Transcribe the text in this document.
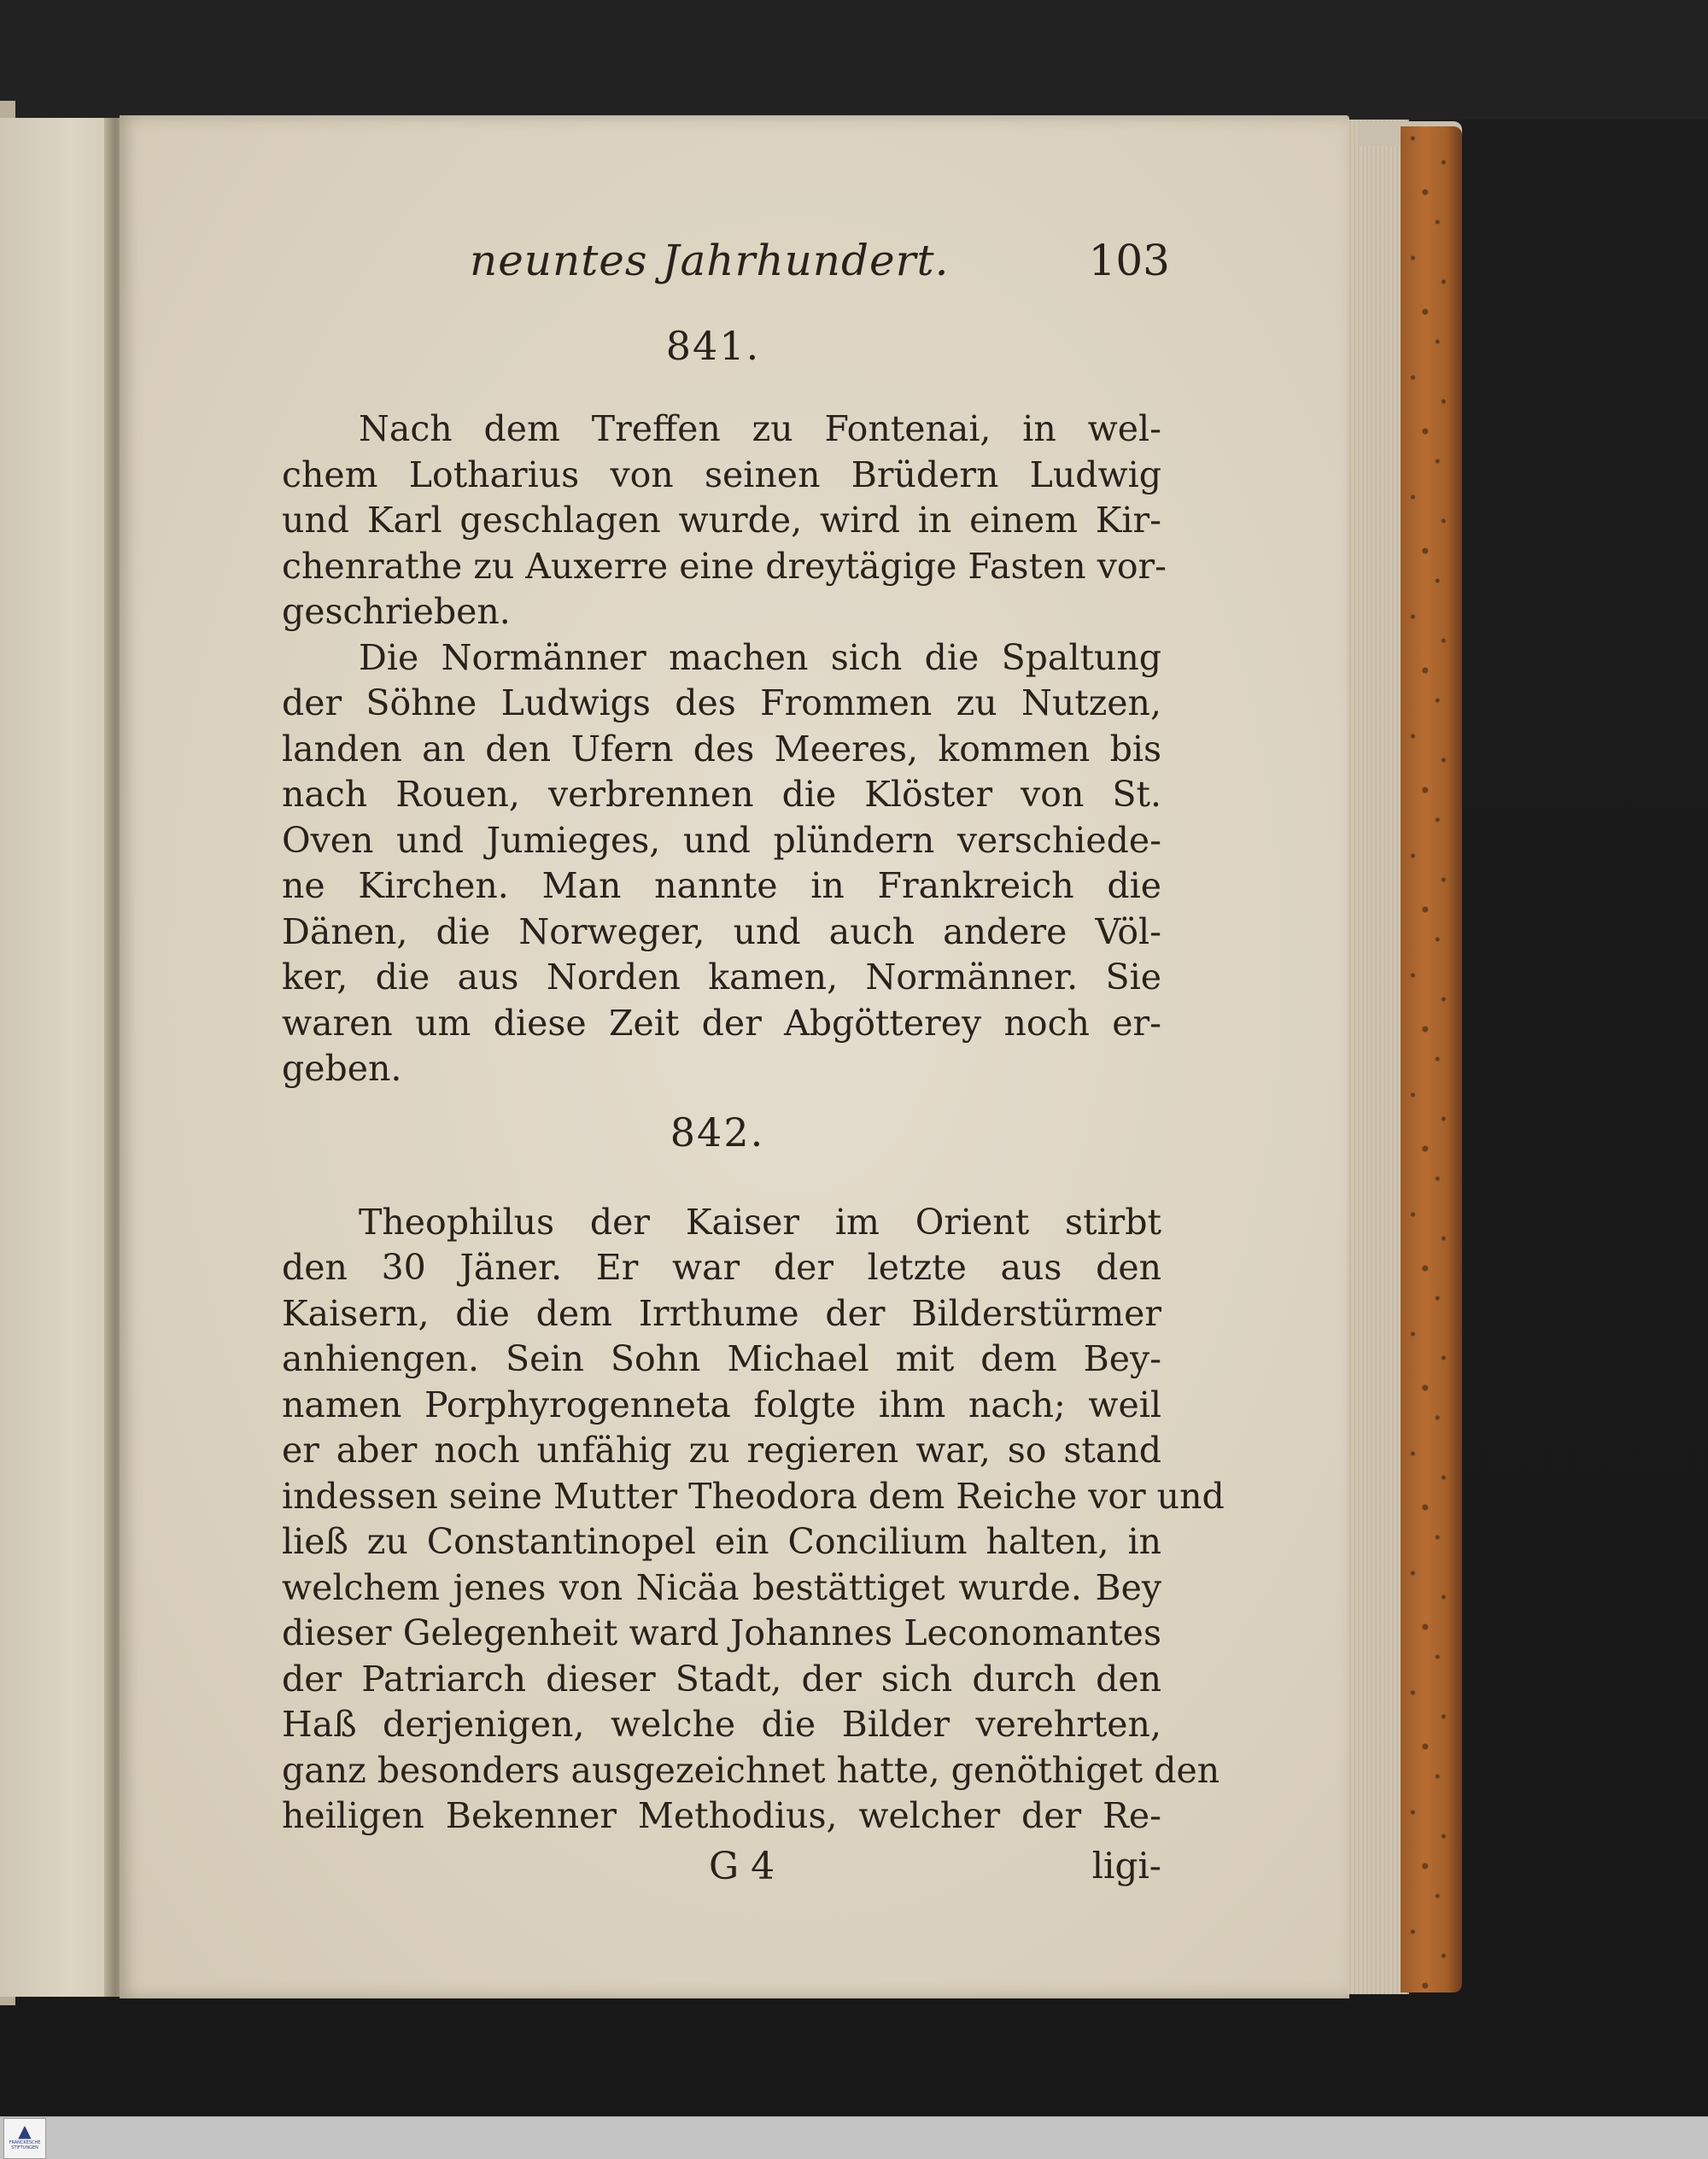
neuntes Jahrhundert.	103
841.

Nach dem Treffen zu Fontenai, in wel-
chem Lotharius von seinen Brüdern Ludwig
und Karl geschlagen wurde, wird in einem Kir-
chenrathe zu Auxerre eine dreytägige Fasten vor-
geschrieben.

Die Normänner machen sich die Spaltung
der Söhne Ludwigs des Frommen zu Nutzen,
landen an den Ufern des Meeres, kommen bis
nach Rouen, verbrennen die Klöster von St.
Oven und Jumieges, und plündern verschiede-
ne Kirchen. Man nannte in Frankreich die
Dänen, die Norweger, und auch andere Völ-
ker, die aus Norden kamen, Normänner. Sie
waren um diese Zeit der Abgötterey noch er-
geben.

842.

Theophilus der Kaiser im Orient stirbt
den 30 Jäner. Er war der letzte aus den
Kaisern, die dem Irrthume der Bilderstürmer
anhiengen. Sein Sohn Michael mit dem Bey-
namen Porphyrogenneta folgte ihm nach; weil
er aber noch unfähig zu regieren war, so stand
indessen seine Mutter Theodora dem Reiche vor und
ließ zu Constantinopel ein Concilium halten, in
welchem jenes von Nicäa bestättiget wurde. Bey
dieser Gelegenheit ward Johannes Leconomantes
der Patriarch dieser Stadt, der sich durch den
Haß derjenigen, welche die Bilder verehrten,
ganz besonders ausgezeichnet hatte, genöthiget den
heiligen Bekenner Methodius, welcher der Re-

G 4	ligi-
▲
FRANCKESCHE STIFTUNGEN
